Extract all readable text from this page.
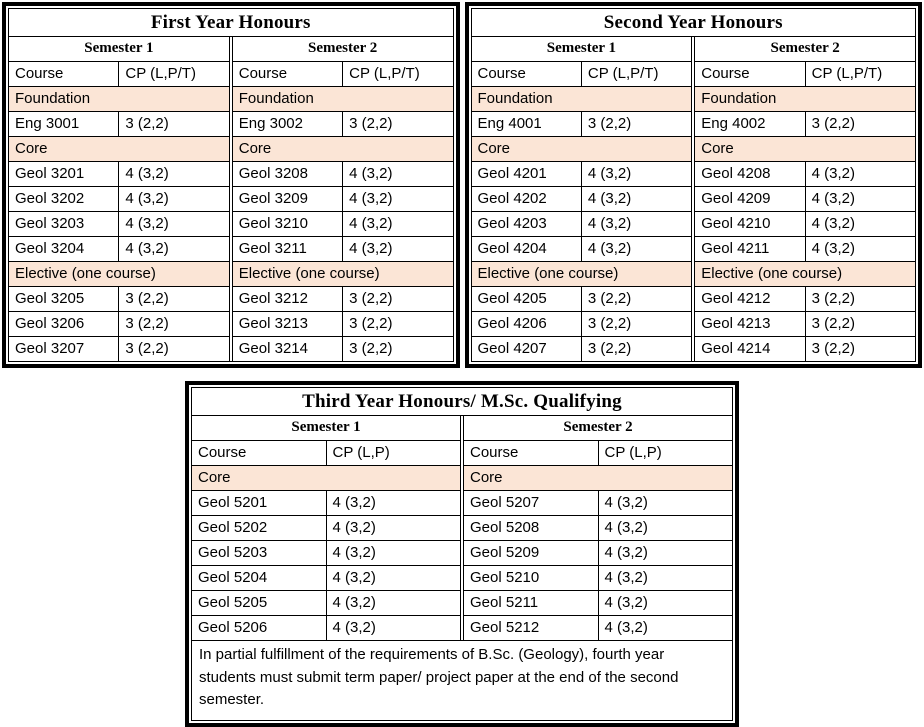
First Year Honours
Semester 1	
Course	CP (L,P/T)
Foundation	
Eng 3001	3 (2,2)
Core	
Geol 3201	4 (3,2)
Geol 3202	4 (3,2)
Geol 3203	4 (3,2)
Geol 3204	4 (3,2)
Elective (one course)	
Geol 3205	3 (2,2)
Geol 3206	3 (2,2)
Geol 3207	3 (2,2)
Semester 2	
Course	CP (L,P/T)
Foundation	
Eng 3002	3 (2,2)
Core	
Geol 3208	4 (3,2)
Geol 3209	4 (3,2)
Geol 3210	4 (3,2)
Geol 3211	4 (3,2)
Elective (one course)	
Geol 3212	3 (2,2)
Geol 3213	3 (2,2)
Geol 3214	3 (2,2)
Second Year Honours
Semester 1	
Course	CP (L,P/T)
Foundation	
Eng 4001	3 (2,2)
Core	
Geol 4201	4 (3,2)
Geol 4202	4 (3,2)
Geol 4203	4 (3,2)
Geol 4204	4 (3,2)
Elective (one course)	
Geol 4205	3 (2,2)
Geol 4206	3 (2,2)
Geol 4207	3 (2,2)
Semester 2	
Course	CP (L,P/T)
Foundation	
Eng 4002	3 (2,2)
Core	
Geol 4208	4 (3,2)
Geol 4209	4 (3,2)
Geol 4210	4 (3,2)
Geol 4211	4 (3,2)
Elective (one course)	
Geol 4212	3 (2,2)
Geol 4213	3 (2,2)
Geol 4214	3 (2,2)
Third Year Honours/ M.Sc. Qualifying
Semester 1	
Course	CP (L,P)
Core	
Geol 5201	4 (3,2)
Geol 5202	4 (3,2)
Geol 5203	4 (3,2)
Geol 5204	4 (3,2)
Geol 5205	4 (3,2)
Geol 5206	4 (3,2)
Semester 2	
Course	CP (L,P)
Core	
Geol 5207	4 (3,2)
Geol 5208	4 (3,2)
Geol 5209	4 (3,2)
Geol 5210	4 (3,2)
Geol 5211	4 (3,2)
Geol 5212	4 (3,2)
In partial fulfillment of the requirements of B.Sc. (Geology), fourth year students must submit term paper/ project paper at the end of the second semester.
